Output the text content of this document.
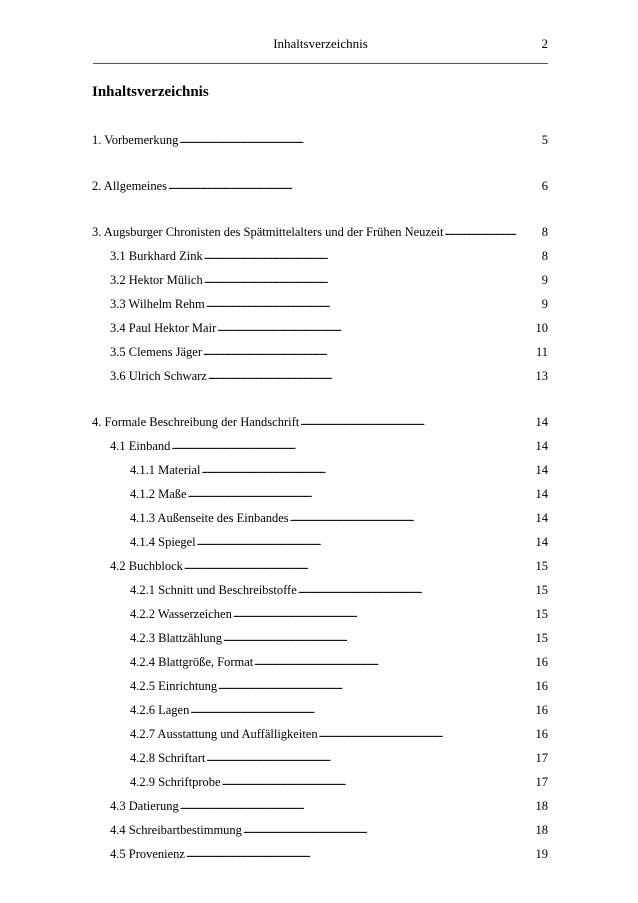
Inhaltsverzeichnis	2
Inhaltsverzeichnis
1. Vorbemerkung . . .	5
2. Allgemeines . . .	6
3. Augsburger Chronisten des Spätmittelalters und der Frühen Neuzeit . . .	8
3.1 Burkhard Zink . . .	8
3.2 Hektor Mülich . . .	9
3.3 Wilhelm Rehm . . .	9
3.4 Paul Hektor Mair . . .	10
3.5 Clemens Jäger . . .	11
3.6 Ulrich Schwarz . . .	13
4. Formale Beschreibung der Handschrift . . .	14
4.1 Einband . . .	14
4.1.1 Material . . .	14
4.1.2 Maße . . .	14
4.1.3 Außenseite des Einbandes . . .	14
4.1.4 Spiegel . . .	14
4.2 Buchblock . . .	15
4.2.1 Schnitt und Beschreibstoffe . . .	15
4.2.2 Wasserzeichen . . .	15
4.2.3 Blattzählung . . .	15
4.2.4 Blattgröße, Format . . .	16
4.2.5 Einrichtung . . .	16
4.2.6 Lagen . . .	16
4.2.7 Ausstattung und Auffälligkeiten . . .	16
4.2.8 Schriftart . . .	17
4.2.9 Schriftprobe . . .	17
4.3 Datierung . . .	18
4.4 Schreibartbestimmung . . .	18
4.5 Provenienz . . .	19
